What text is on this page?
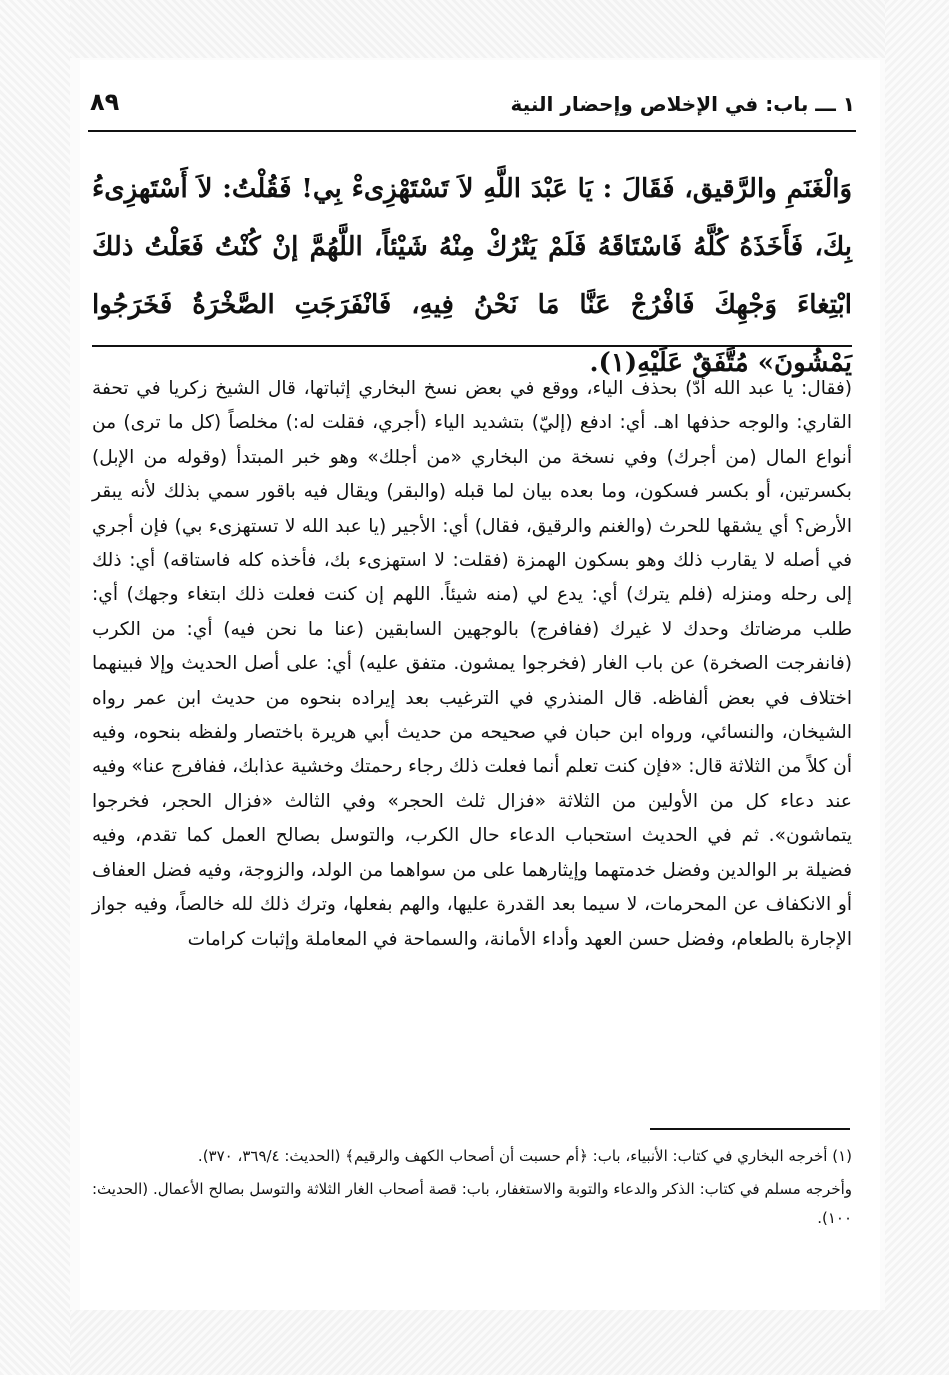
١ ـــ باب: في الإخلاص وإحضار النية
٨٩

وَالْغَنَمِ والرَّقيق، فَقَالَ : يَا عَبْدَ اللَّهِ لاَ تَسْتَهْزِىءْ بِي! فَقُلْتُ: لاَ أَسْتَهزِىءُ بِكَ، فَأَخَذَهُ كُلَّهُ فَاسْتَاقَهُ فَلَمْ يَتْرُكْ مِنْهُ شَيْئاً، اللَّهُمَّ إنْ كُنْتُ فَعَلْتُ ذلكَ ابْتِغاءَ وَجْهِكَ فَافْرُجْ عَنَّا مَا نَحْنُ فِيهِ، فَانْفَرَجَتِ الصَّخْرَةُ فَخَرَجُوا يَمْشُونَ» مُتَّفَقٌ عَلَيْهِ(١).

(فقال: يا عبد الله أدّ) بحذف الياء، ووقع في بعض نسخ البخاري إثباتها، قال الشيخ زكريا في تحفة القاري: والوجه حذفها اهـ. أي: ادفع (إليّ) بتشديد الياء (أجري، فقلت له:) مخلصاً (كل ما ترى) من أنواع المال (من أجرك) وفي نسخة من البخاري «من أجلك» وهو خبر المبتدأ (وقوله من الإبل) بكسرتين، أو بكسر فسكون، وما بعده بيان لما قبله (والبقر) ويقال فيه باقور سمي بذلك لأنه يبقر الأرض؟ أي يشقها للحرث (والغنم والرقيق، فقال) أي: الأجير (يا عبد الله لا تستهزىء بي) فإن أجري في أصله لا يقارب ذلك وهو بسكون الهمزة (فقلت: لا استهزىء بك، فأخذه كله فاستاقه) أي: ذلك إلى رحله ومنزله (فلم يترك) أي: يدع لي (منه شيئاً. اللهم إن كنت فعلت ذلك ابتغاء وجهك) أي: طلب مرضاتك وحدك لا غيرك (ففافرج) بالوجهين السابقين (عنا ما نحن فيه) أي: من الكرب (فانفرجت الصخرة) عن باب الغار (فخرجوا يمشون. متفق عليه) أي: على أصل الحديث وإلا فبينهما اختلاف في بعض ألفاظه. قال المنذري في الترغيب بعد إيراده بنحوه من حديث ابن عمر رواه الشيخان، والنسائي، ورواه ابن حبان في صحيحه من حديث أبي هريرة باختصار ولفظه بنحوه، وفيه أن كلاً من الثلاثة قال: «فإن كنت تعلم أنما فعلت ذلك رجاء رحمتك وخشية عذابك، ففافرج عنا» وفيه عند دعاء كل من الأولين من الثلاثة «فزال ثلث الحجر» وفي الثالث «فزال الحجر، فخرجوا يتماشون». ثم في الحديث استحباب الدعاء حال الكرب، والتوسل بصالح العمل كما تقدم، وفيه فضيلة بر الوالدين وفضل خدمتهما وإيثارهما على من سواهما من الولد، والزوجة، وفيه فضل العفاف أو الانكفاف عن المحرمات، لا سيما بعد القدرة عليها، والهم بفعلها، وترك ذلك لله خالصاً، وفيه جواز الإجارة بالطعام، وفضل حسن العهد وأداء الأمانة، والسماحة في المعاملة وإثبات كرامات

(١) أخرجه البخاري في كتاب: الأنبياء، باب: ﴿أم حسبت أن أصحاب الكهف والرقيم﴾ (الحديث: ٣٦٩/٤، ٣٧٠).

وأخرجه مسلم في كتاب: الذكر والدعاء والتوبة والاستغفار، باب: قصة أصحاب الغار الثلاثة والتوسل بصالح الأعمال. (الحديث: ١٠٠).
